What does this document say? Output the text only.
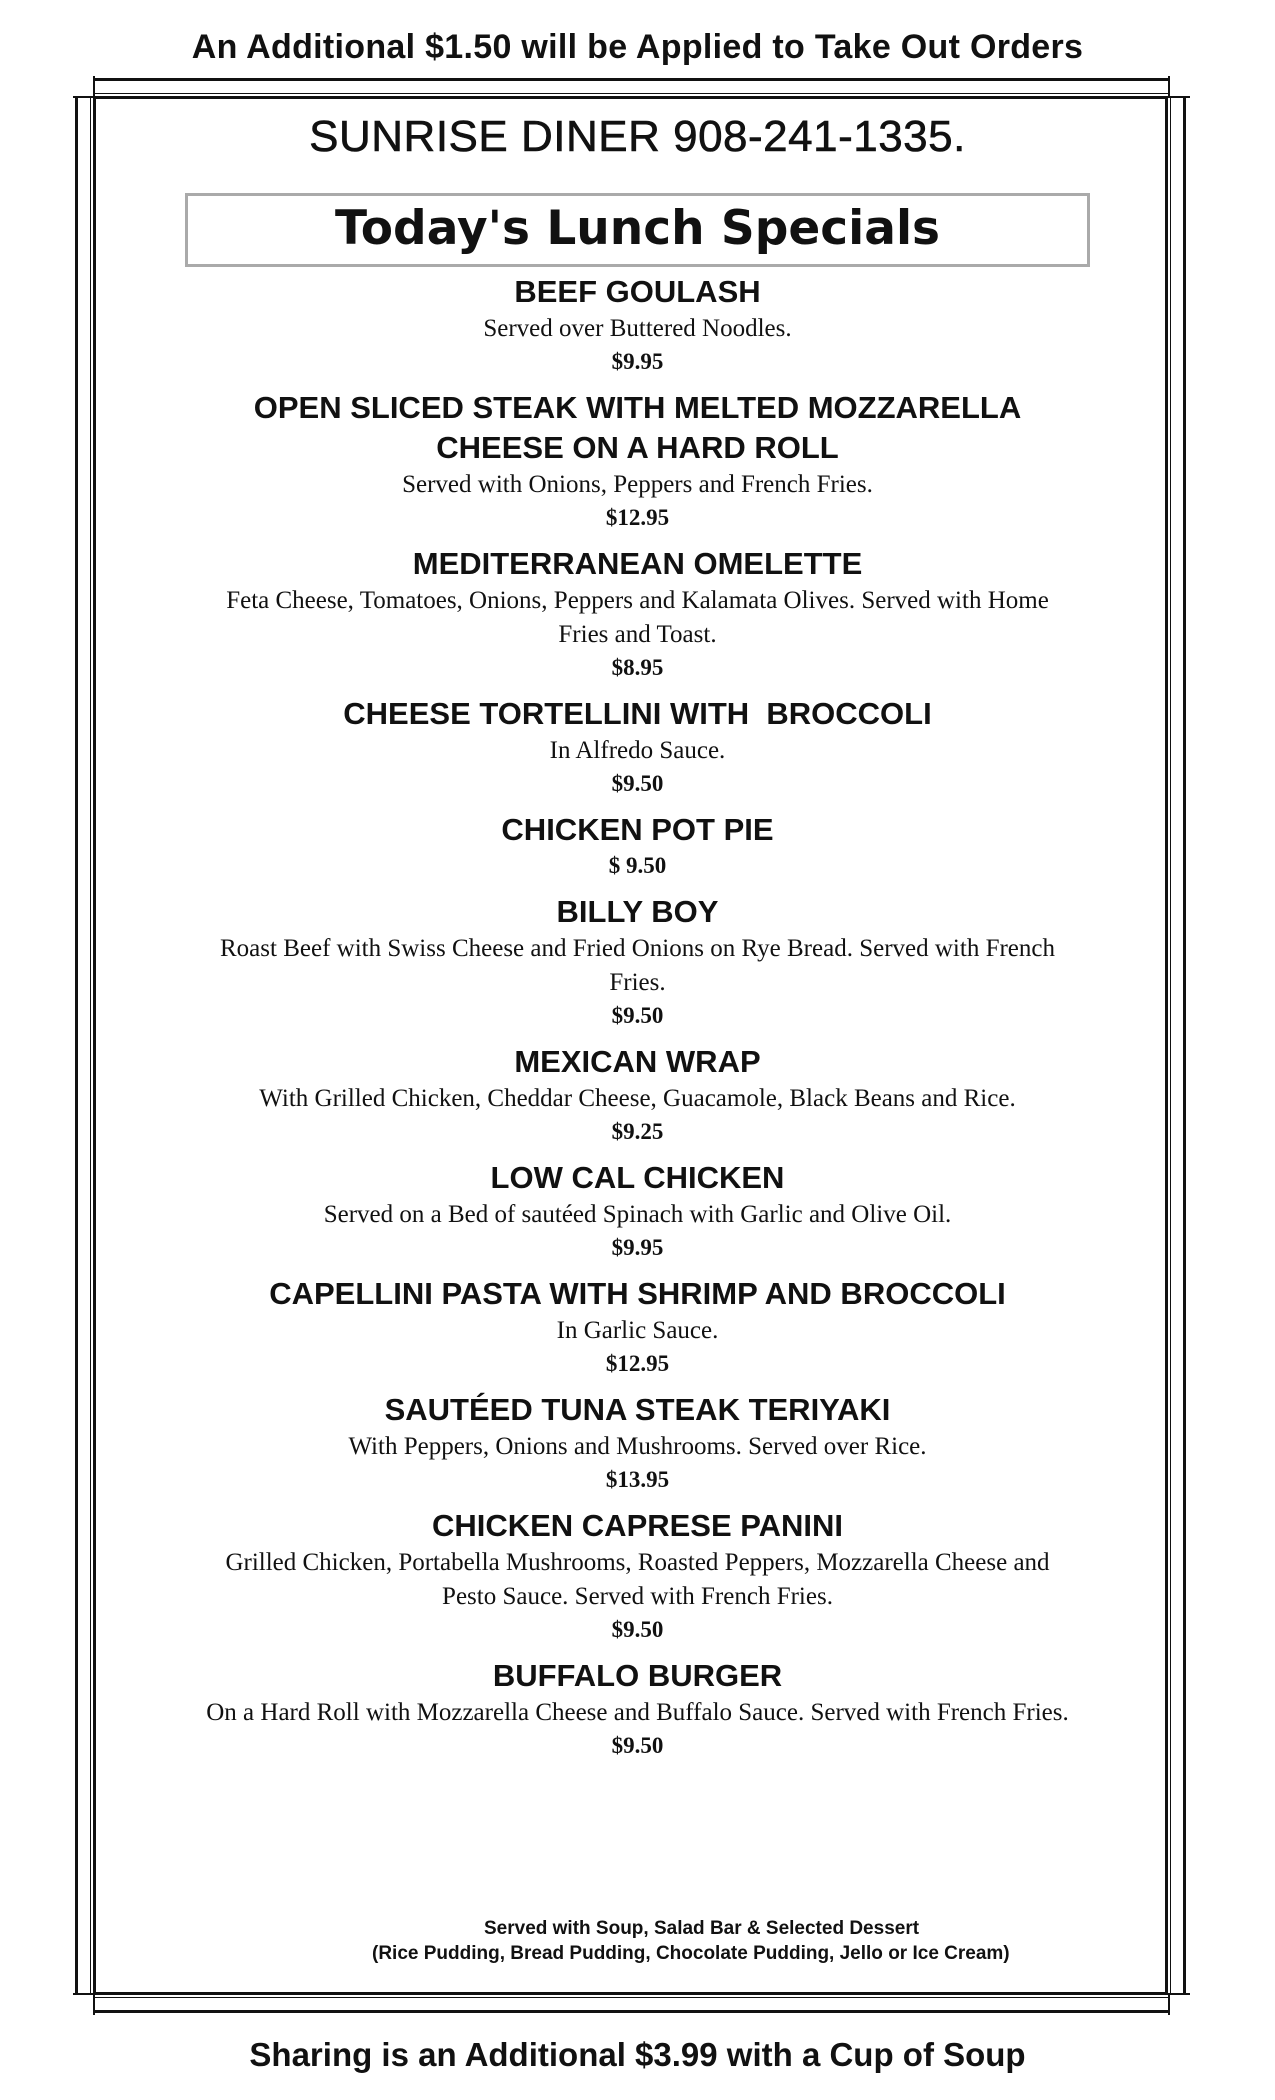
An Additional $1.50 will be Applied to Take Out Orders
SUNRISE DINER 908-241-1335.
Today's Lunch Specials
BEEF GOULASH
Served over Buttered Noodles.
$9.95
OPEN SLICED STEAK WITH MELTED MOZZARELLA CHEESE ON A HARD ROLL
Served with Onions, Peppers and French Fries.
$12.95
MEDITERRANEAN OMELETTE
Feta Cheese, Tomatoes, Onions, Peppers and Kalamata Olives. Served with Home Fries and Toast.
$8.95
CHEESE TORTELLINI WITH  BROCCOLI
In Alfredo Sauce.
$9.50
CHICKEN POT PIE
$ 9.50
BILLY BOY
Roast Beef with Swiss Cheese and Fried Onions on Rye Bread. Served with French Fries.
$9.50
MEXICAN WRAP
With Grilled Chicken, Cheddar Cheese, Guacamole, Black Beans and Rice.
$9.25
LOW CAL CHICKEN
Served on a Bed of sautéed Spinach with Garlic and Olive Oil.
$9.95
CAPELLINI PASTA WITH SHRIMP AND BROCCOLI
In Garlic Sauce.
$12.95
SAUTÉED TUNA STEAK TERIYAKI
With Peppers, Onions and Mushrooms. Served over Rice.
$13.95
CHICKEN CAPRESE PANINI
Grilled Chicken, Portabella Mushrooms, Roasted Peppers, Mozzarella Cheese and Pesto Sauce. Served with French Fries.
$9.50
BUFFALO BURGER
On a Hard Roll with Mozzarella Cheese and Buffalo Sauce. Served with French Fries.
$9.50
Served with Soup, Salad Bar & Selected Dessert
(Rice Pudding, Bread Pudding, Chocolate Pudding, Jello or Ice Cream)
Sharing is an Additional $3.99 with a Cup of Soup
